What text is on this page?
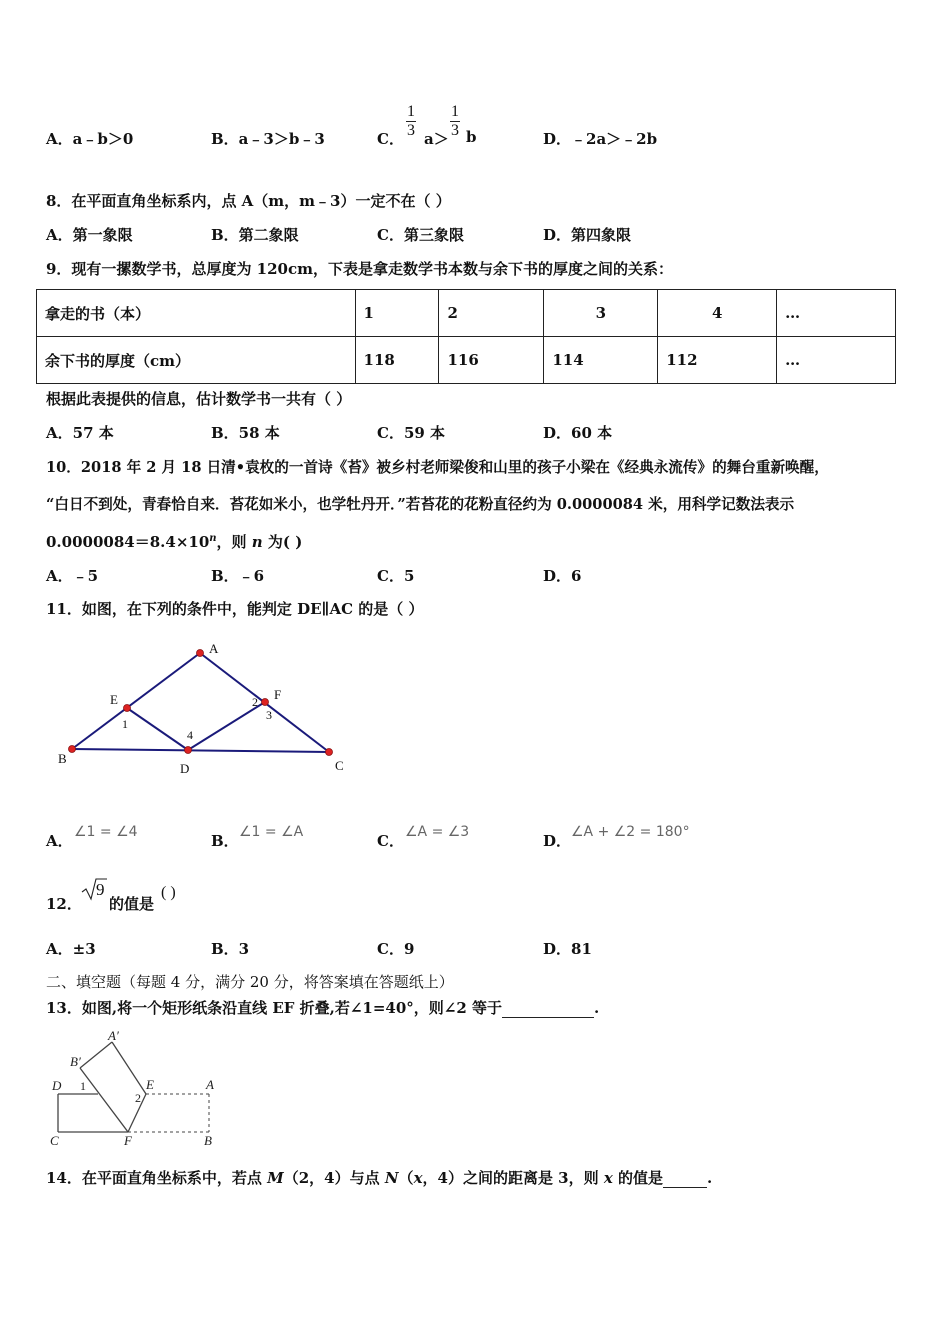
A．a﹣b＞0	B．a﹣3＞b﹣3	C． $\frac{1}{3} a> \frac{1}{3}$ b	D．﹣2a＞﹣2b
8．在平面直角坐标系内，点 A（m，m﹣3）一定不在（ ）
A．第一象限	B．第二象限	C．第三象限	D．第四象限
9．现有一摞数学书，总厚度为 120cm，下表是拿走数学书本数与余下书的厚度之间的关系：
拿走的书（本）	1	2	3	4	…
余下书的厚度（cm）	118	116	114	112	…
根据此表提供的信息，估计数学书一共有（ ）
A．57 本	B．58 本	C．59 本	D．60 本
10．2018 年 2 月 18 日清•袁枚的一首诗《苔》被乡村老师梁俊和山里的孩子小梁在《经典永流传》的舞台重新唤醒，
“白日不到处，青春恰自来．苔花如米小，也学牡丹开．”若苔花的花粉直径约为 0.0000084 米，用科学记数法表示
$0.0000084=8.4\times 10^n$，则 n 为( )
A．﹣5	B．﹣6	C．5	D．6
11．如图，在下列的条件中，能判定 DE∥AC 的是（ ）
A
B	C
D
E	F
1
2
3
4
A． ∠1 = ∠4	B． ∠1 = ∠A	C． ∠A = ∠3	D． ∠A + ∠2 = 180°
12．
9
的值是
( )
A．±3	B．3	C．9	D．81
二、填空题（每题 4 分，满分 20 分，将答案填在答题纸上）
13．如图,将一个矩形纸条沿直线 EF 折叠,若∠1=40°，则∠2 等于	.
A′
B′
D	E	A
C	F	B
1
2
14．在平面直角坐标系中，若点 M（2，4）与点 N（x，4）之间的距离是 3，则 x 的值是	.
